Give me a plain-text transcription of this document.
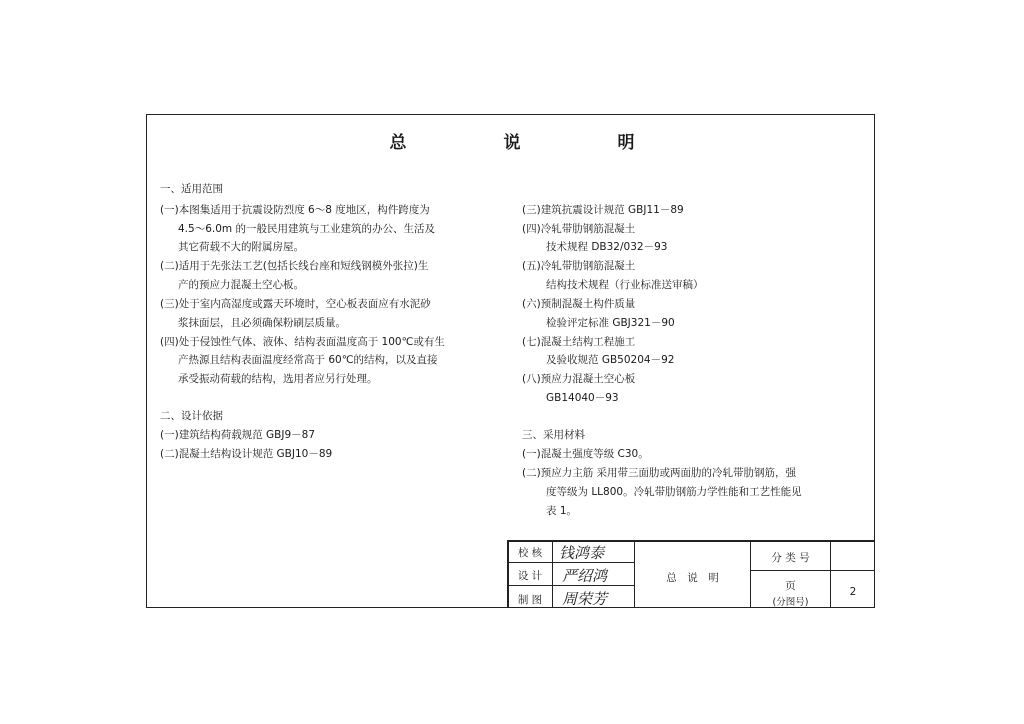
总　说　明
一、适用范围
(一)本图集适用于抗震设防烈度 6～8 度地区，构件跨度为
4.5～6.0m 的一般民用建筑与工业建筑的办公、生活及
其它荷载不大的附属房屋。
(二)适用于先张法工艺(包括长线台座和短线钢模外张拉)生
产的预应力混凝土空心板。
(三)处于室内高湿度或露天环境时，空心板表面应有水泥砂
浆抹面层，且必须确保粉刷层质量。
(四)处于侵蚀性气体、液体、结构表面温度高于 100℃或有生
产热源且结构表面温度经常高于 60℃的结构，以及直接
承受振动荷载的结构，选用者应另行处理。
二、设计依据
(一)建筑结构荷载规范 GBJ9－87
(二)混凝土结构设计规范 GBJ10－89
(三)建筑抗震设计规范 GBJ11－89
(四)冷轧带肋钢筋混凝土
技术规程 DB32/032－93
(五)冷轧带肋钢筋混凝土
结构技术规程（行业标准送审稿）
(六)预制混凝土构件质量
检验评定标准 GBJ321－90
(七)混凝土结构工程施工
及验收规范 GB50204－92
(八)预应力混凝土空心板
GB14040－93
三、采用材料
(一)混凝土强度等级 C30。
(二)预应力主筋 采用带三面肋或两面肋的冷轧带肋钢筋，强
度等级为 LL800。冷轧带肋钢筋力学性能和工艺性能见
表 1。
校 核
设 计
制 图
钱鸿泰
严绍鸿
周荣芳
总　说　明
分 类 号
页
(分图号)
2
